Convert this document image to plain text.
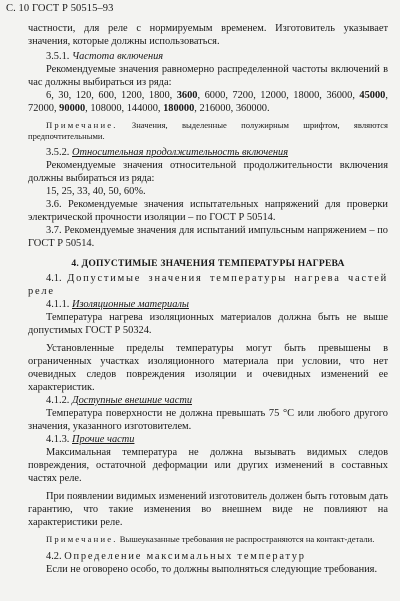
С. 10 ГОСТ Р 50515–93

частности, для реле с нормируемым временем. Изготовитель указывает значения, которые должны использоваться.

3.5.1. Частота включения

Рекомендуемые значения равномерно распределенной частоты включений в час должны выбираться из ряда:

6, 30, 120, 600, 1200, 1800, 3600, 6000, 7200, 12000, 18000, 36000, 45000, 72000, 90000, 108000, 144000, 180000, 216000, 360000.

Примечание. Значения, выделенные полужирным шрифтом, являются предпочтительными.

3.5.2. Относительная продолжительность включения

Рекомендуемые значения относительной продолжительности включения должны выбираться из ряда:

15, 25, 33, 40, 50, 60%.

3.6. Рекомендуемые значения испытательных напряжений для проверки электрической прочности изоляции – по ГОСТ Р 50514.

3.7. Рекомендуемые значения для испытаний импульсным напряжением – по ГОСТ Р 50514.

4. ДОПУСТИМЫЕ ЗНАЧЕНИЯ ТЕМПЕРАТУРЫ НАГРЕВА

4.1. Допустимые значения температуры нагрева частей реле

4.1.1. Изоляционные материалы

Температура нагрева изоляционных материалов должна быть не выше допустимых ГОСТ Р 50324.

Установленные пределы температуры могут быть превышены в ограниченных участках изоляционного материала при условии, что нет очевидных следов повреждения изоляции и очевидных изменений ее характеристик.

4.1.2. Доступные внешние части

Температура поверхности не должна превышать 75 °С или любого другого значения, указанного изготовителем.

4.1.3. Прочие части

Максимальная температура не должна вызывать видимых следов повреждения, остаточной деформации или других изменений в составных частях реле.

При появлении видимых изменений изготовитель должен быть готовым дать гарантию, что такие изменения во внешнем виде не повлияют на характеристики реле.

Примечание. Вышеуказанные требования не распространяются на контакт-детали.

4.2. Определение максимальных температур

Если не оговорено особо, то должны выполняться следующие требования.
